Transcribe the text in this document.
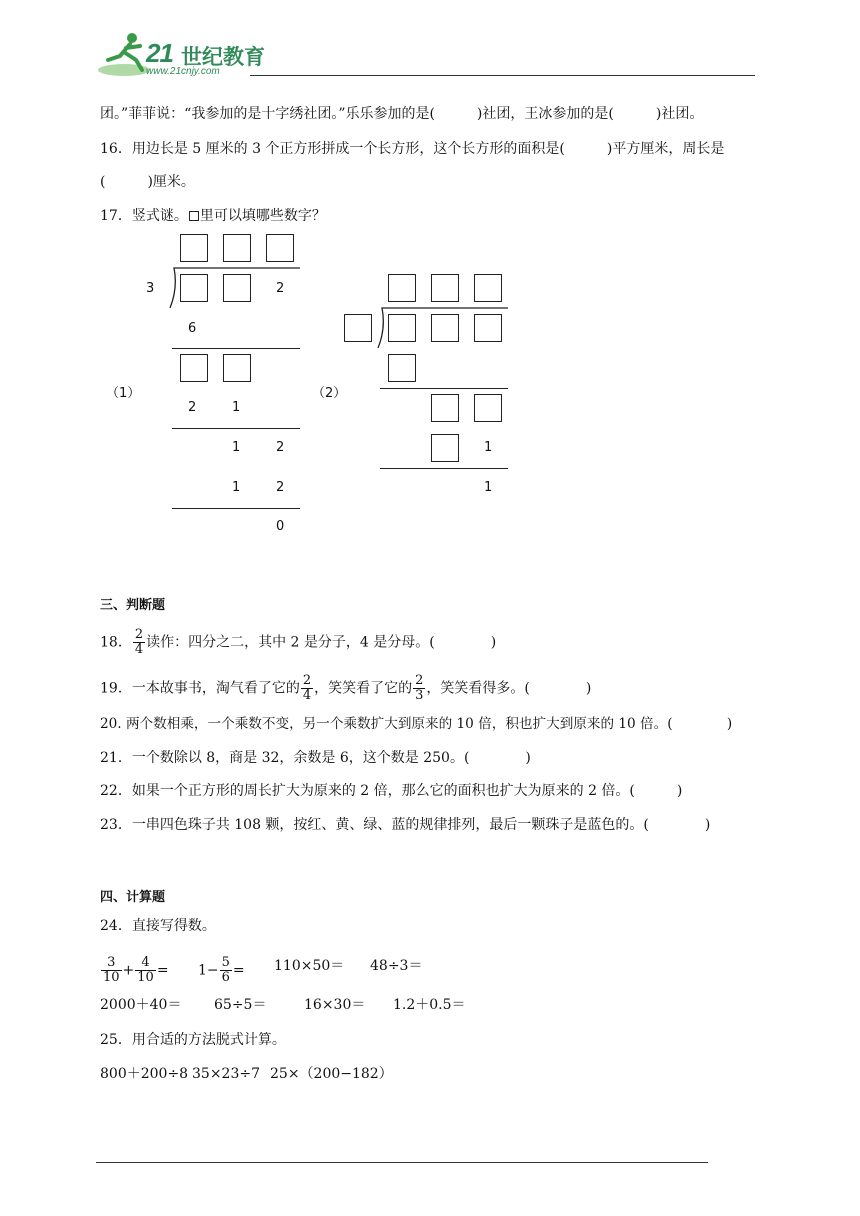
21 世纪教育
www.21cnjy.com
团。”菲菲说：“我参加的是十字绣社团。”乐乐参加的是(　　　)社团，王冰参加的是(　　　)社团。
16．用边长是 5 厘米的 3 个正方形拼成一个长方形，这个长方形的面积是(　　　)平方厘米，周长是
(　　　)厘米。
17．竖式谜。 里可以填哪些数字？
（1）
3	2
6
2	1
1	2
1	2
0
（2）
1
1
三、判断题
18． $\frac{2}{4}$ 读作：四分之二，其中 2 是分子，4 是分母。(　　　　)
19．一本故事书，淘气看了它的 $\frac{2}{4}$ ，笑笑看了它的 $\frac{2}{3}$ ，笑笑看得多。(　　　　)
20. 两个数相乘，一个乘数不变，另一个乘数扩大到原来的 10 倍，积也扩大到原来的 10 倍。(　　　　)
21．一个数除以 8，商是 32，余数是 6，这个数是 250。(　　　　)
22．如果一个正方形的周长扩大为原来的 2 倍，那么它的面积也扩大为原来的 2 倍。(　　　)
23．一串四色珠子共 108 颗，按红、黄、绿、蓝的规律排列，最后一颗珠子是蓝色的。(　　　　)
四、计算题
24．直接写得数。
$\frac{3}{10} + \frac{4}{10} = 1- \frac{5}{6} = 110\times 50= 48\div 3=$
2000＋40＝ 65÷5＝	16×30＝ 1.2＋0.5＝
25．用合适的方法脱式计算。
800＋200÷8 35×23÷7 25×（200−182）
